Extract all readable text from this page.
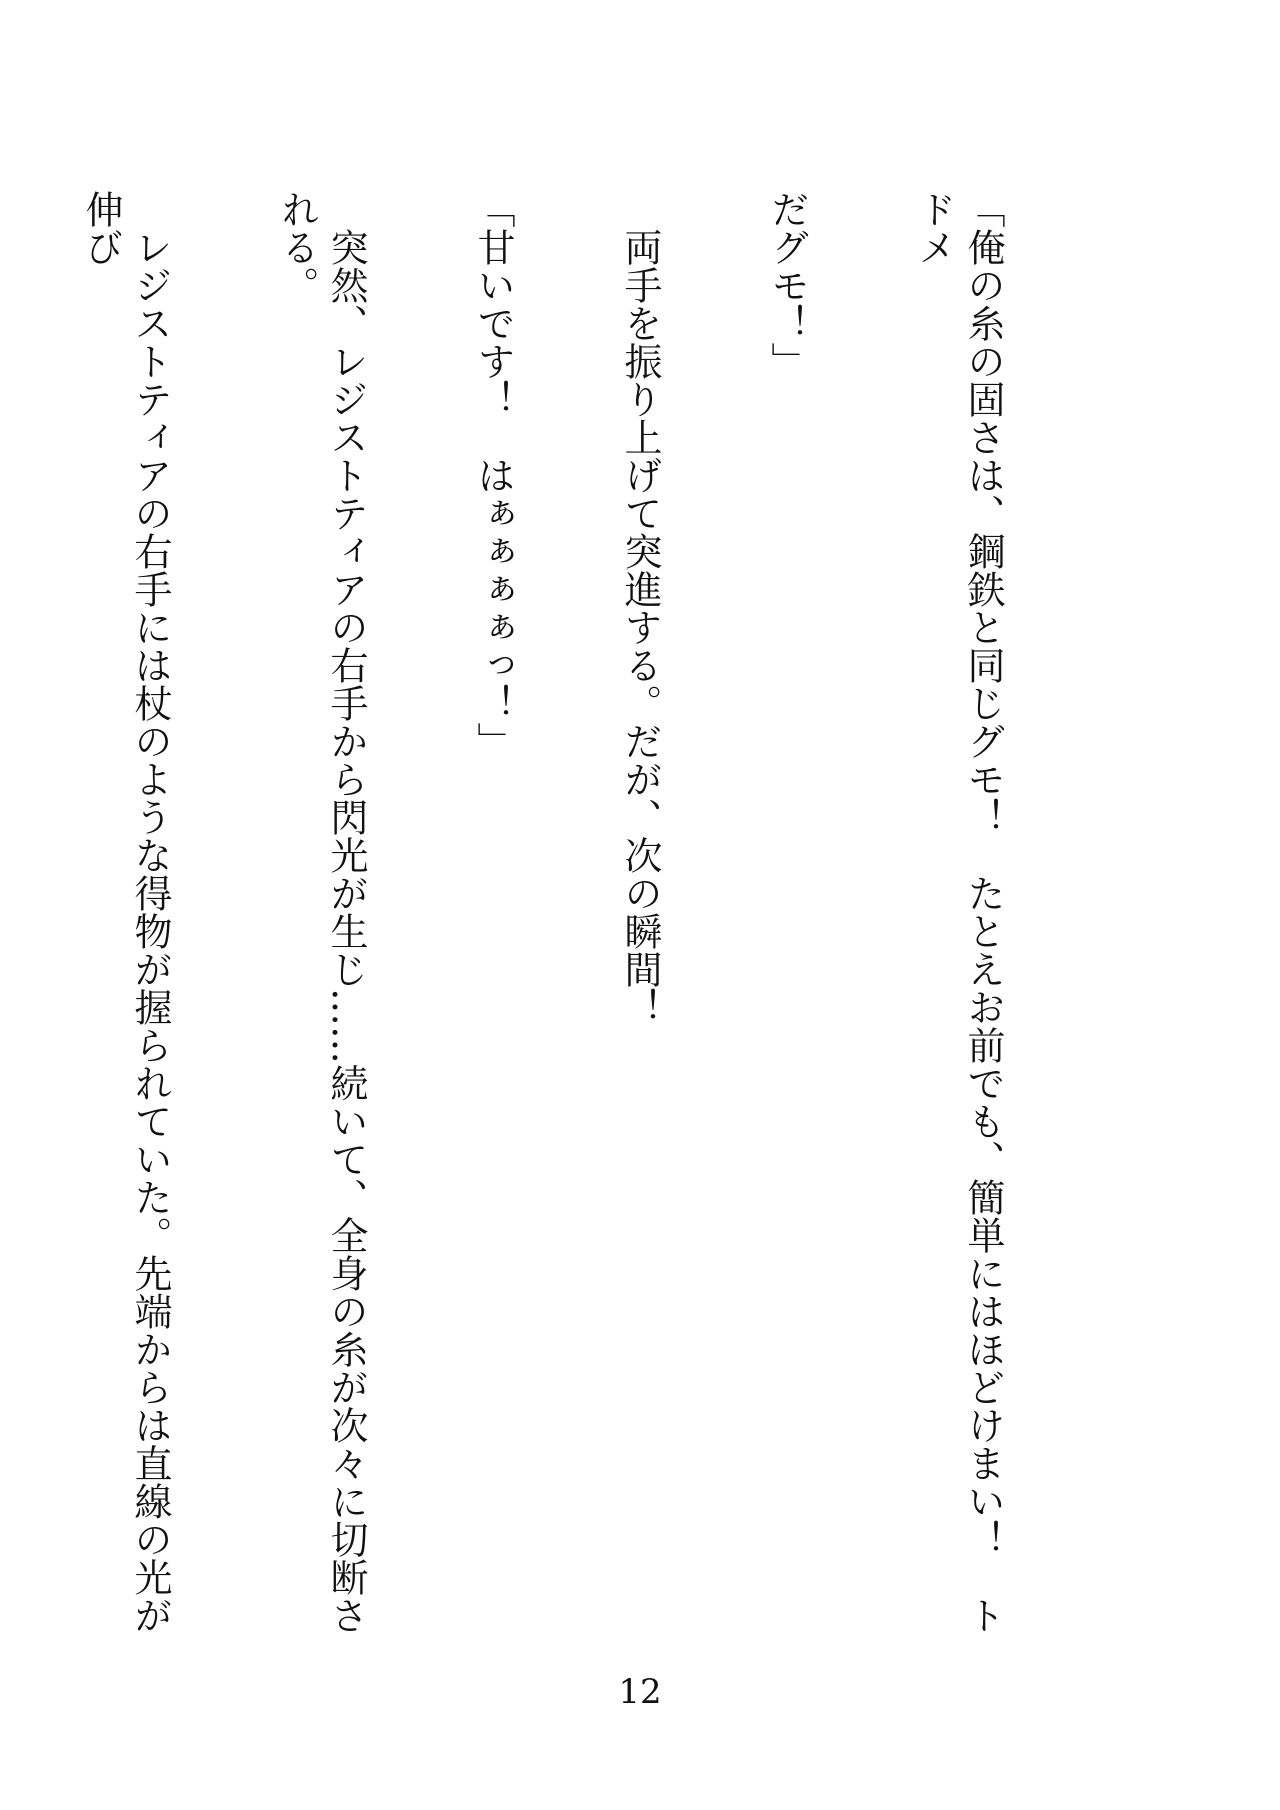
「俺の糸の固さは、鋼鉄と同じグモ！　たとえお前でも、簡単にはほどけまい！　トドメ

だグモ！」

　両手を振り上げて突進する。だが、次の瞬間！

「甘いです！　はぁぁぁぁっ！」

　突然、レジストティアの右手から閃光が生じ……続いて、全身の糸が次々に切断される。

　レジストティアの右手には杖のような得物が握られていた。先端からは直線の光が伸び

12
